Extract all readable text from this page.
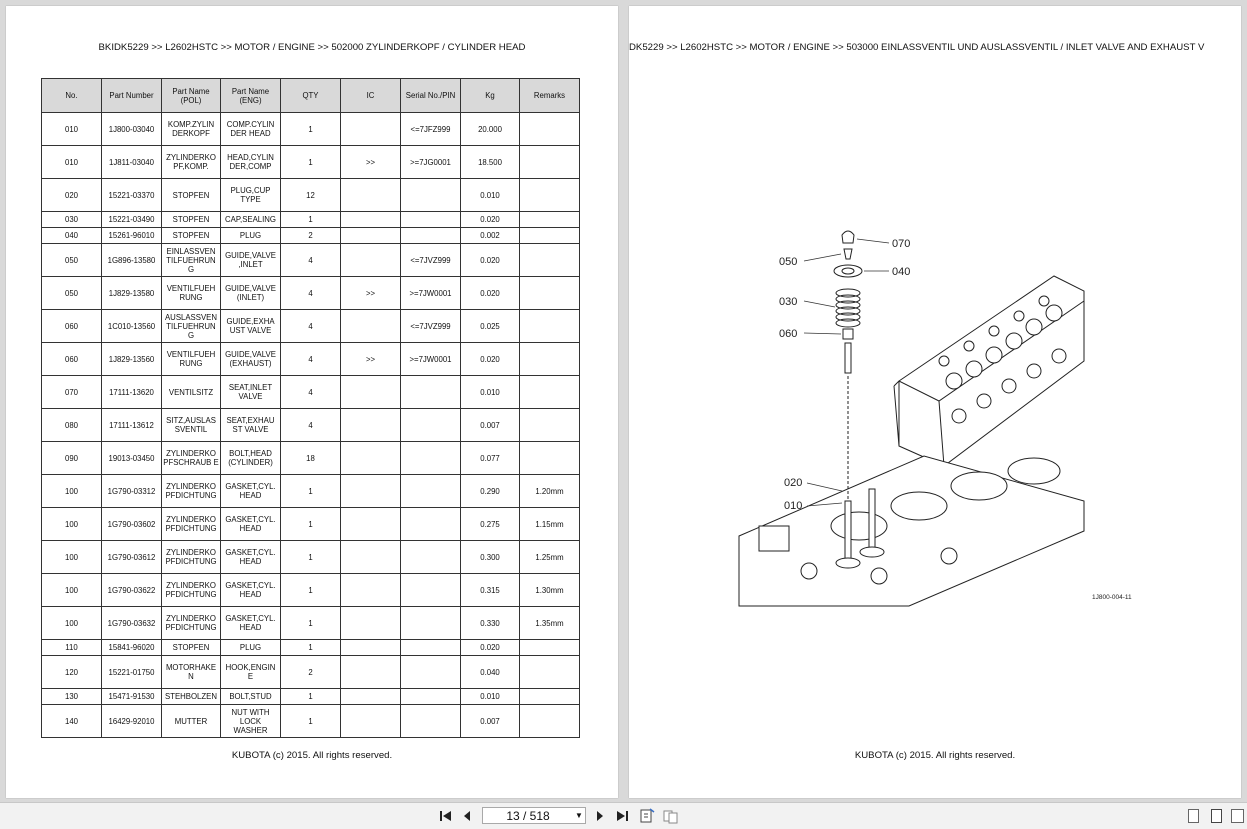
BKIDK5229 >> L2602HSTC >> MOTOR / ENGINE >> 502000 ZYLINDERKOPF / CYLINDER HEAD
No.	Part Number	Part Name (POL)	Part Name (ENG)	QTY	IC	Serial No./PIN	Kg	Remarks
010	1J800-03040	KOMP.ZYLIN DERKOPF	COMP.CYLIN DER HEAD	1		<=7JFZ999	20.000	
010	1J811-03040	ZYLINDERKO PF,KOMP.	HEAD,CYLIN DER,COMP	1	>>	>=7JG0001	18.500	
020	15221-03370	STOPFEN	PLUG,CUP TYPE	12			0.010	
030	15221-03490	STOPFEN	CAP,SEALING	1			0.020	
040	15261-96010	STOPFEN	PLUG	2			0.002	
050	1G896-13580	EINLASSVEN TILFUEHRUN G	GUIDE,VALVE ,INLET	4		<=7JVZ999	0.020	
050	1J829-13580	VENTILFUEH RUNG	GUIDE,VALVE (INLET)	4	>>	>=7JW0001	0.020	
060	1C010-13560	AUSLASSVEN TILFUEHRUN G	GUIDE,EXHA UST VALVE	4		<=7JVZ999	0.025	
060	1J829-13560	VENTILFUEH RUNG	GUIDE,VALVE (EXHAUST)	4	>>	>=7JW0001	0.020	
070	17111-13620	VENTILSITZ	SEAT,INLET VALVE	4			0.010	
080	17111-13612	SITZ,AUSLAS SVENTIL	SEAT,EXHAU ST VALVE	4			0.007	
090	19013-03450	ZYLINDERKO PFSCHRAUB E	BOLT,HEAD (CYLINDER)	18			0.077	
100	1G790-03312	ZYLINDERKO PFDICHTUNG	GASKET,CYL. HEAD	1			0.290	1.20mm
100	1G790-03602	ZYLINDERKO PFDICHTUNG	GASKET,CYL. HEAD	1			0.275	1.15mm
100	1G790-03612	ZYLINDERKO PFDICHTUNG	GASKET,CYL. HEAD	1			0.300	1.25mm
100	1G790-03622	ZYLINDERKO PFDICHTUNG	GASKET,CYL. HEAD	1			0.315	1.30mm
100	1G790-03632	ZYLINDERKO PFDICHTUNG	GASKET,CYL. HEAD	1			0.330	1.35mm
110	15841-96020	STOPFEN	PLUG	1			0.020	
120	15221-01750	MOTORHAKE N	HOOK,ENGIN E	2			0.040	
130	15471-91530	STEHBOLZEN	BOLT,STUD	1			0.010	
140	16429-92010	MUTTER	NUT WITH LOCK WASHER	1			0.007	
KUBOTA (c) 2015. All rights reserved.
DK5229 >> L2602HSTC >> MOTOR / ENGINE >> 503000 EINLASSVENTIL UND AUSLASSVENTIL / INLET VALVE AND EXHAUST V
070
050
040
030
060
020
010
1J800-004-11
KUBOTA (c) 2015. All rights reserved.
13 / 518	▼
